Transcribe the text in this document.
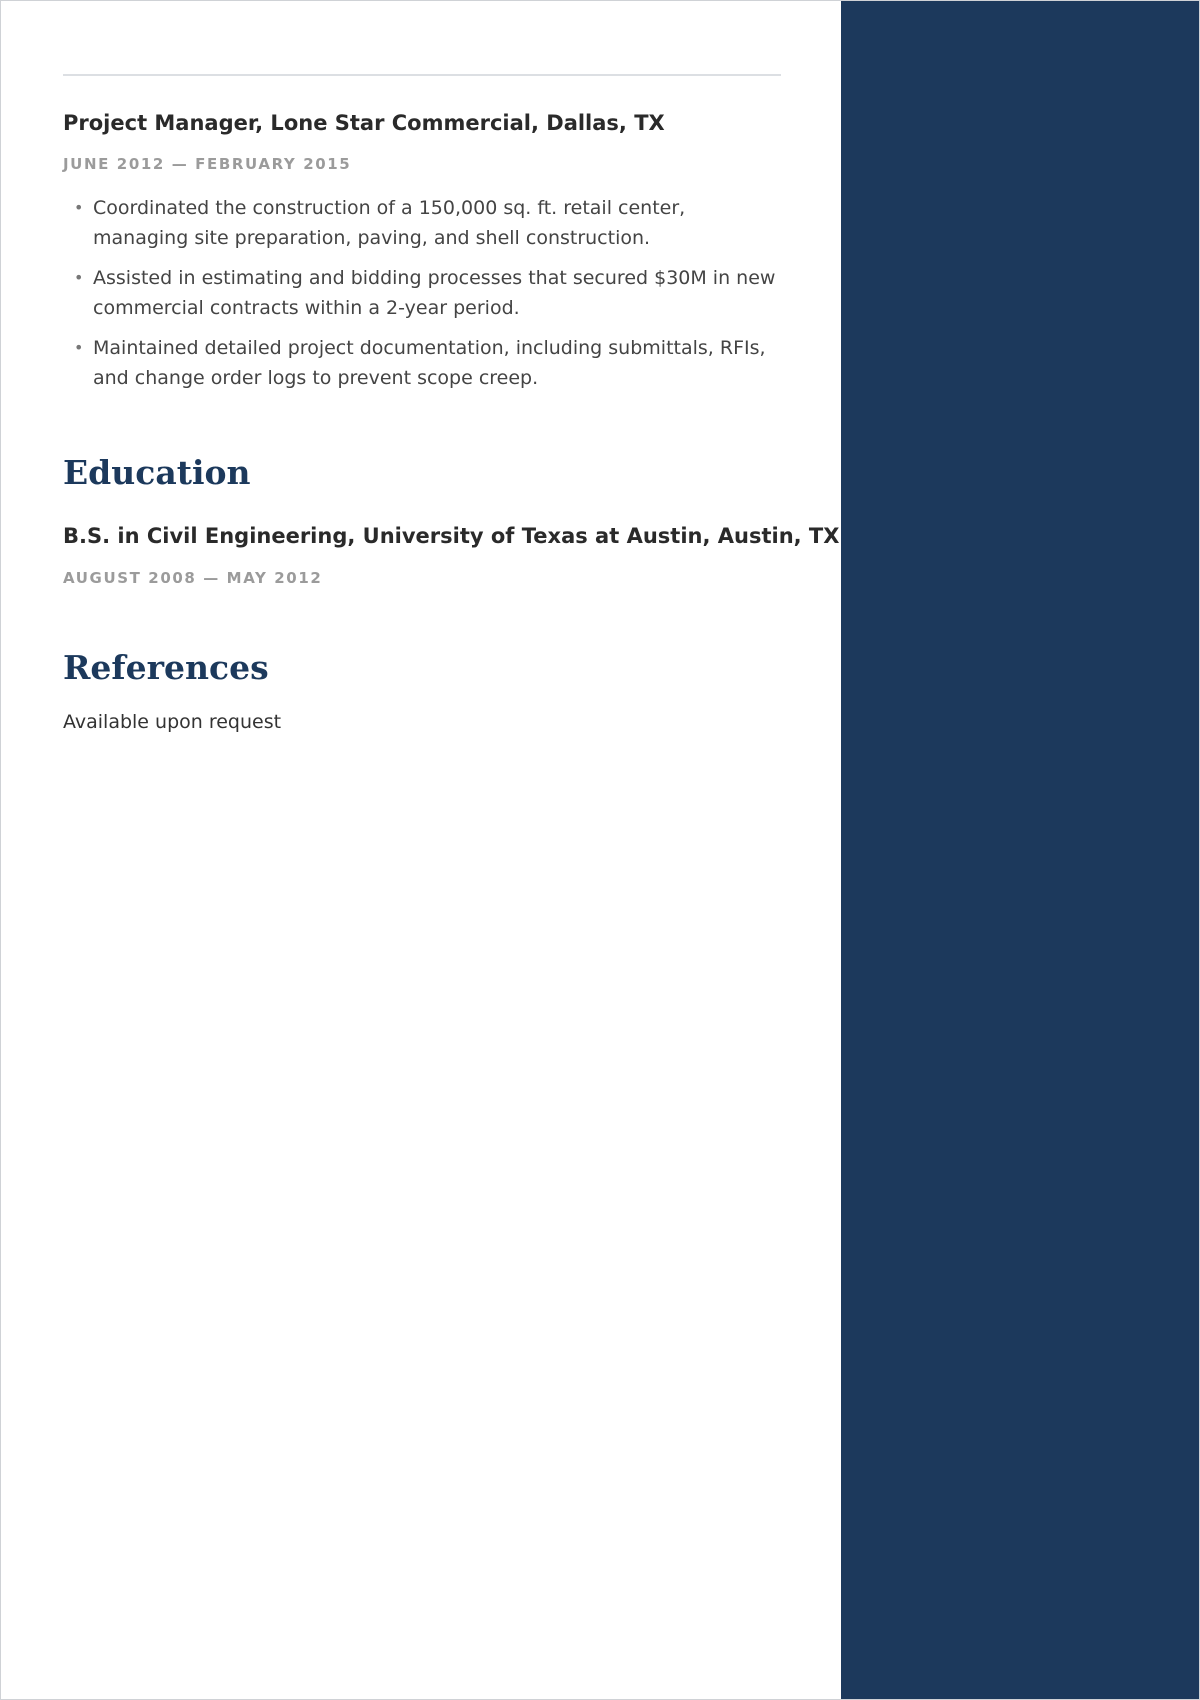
Project Manager, Lone Star Commercial, Dallas, TX

JUNE 2012 — FEBRUARY 2015

• Coordinated the construction of a 150,000 sq. ft. retail center, managing site preparation, paving, and shell construction.
• Assisted in estimating and bidding processes that secured $30M in new commercial contracts within a 2-year period.
• Maintained detailed project documentation, including submittals, RFIs, and change order logs to prevent scope creep.
Education
B.S. in Civil Engineering, University of Texas at Austin, Austin, TX

AUGUST 2008 — MAY 2012

References

Available upon request
